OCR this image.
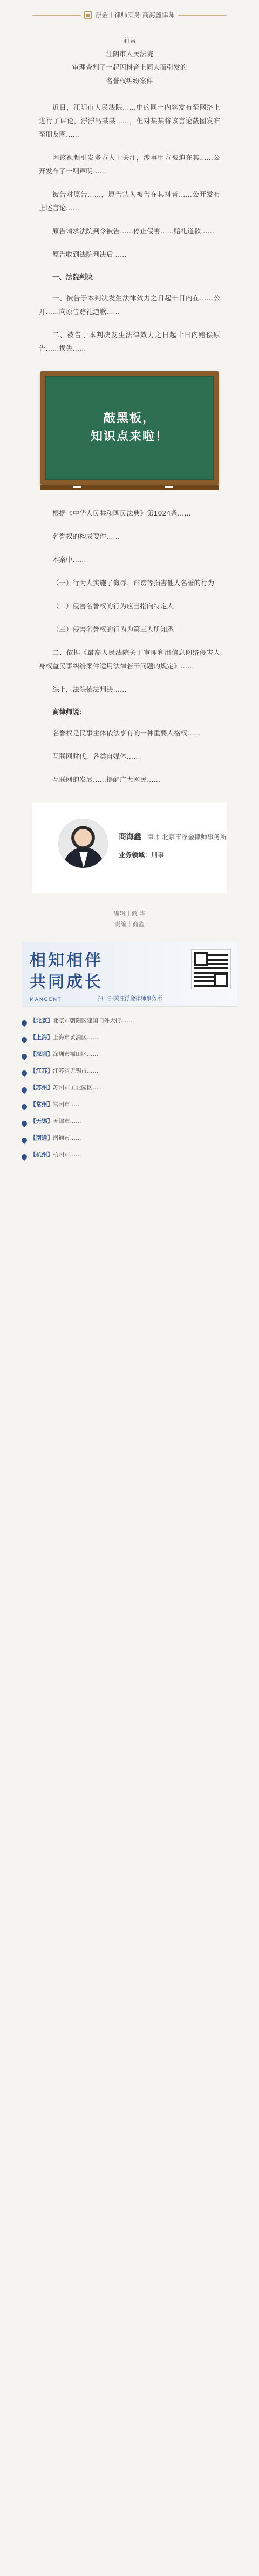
浮金丨律师实务 商海鑫律师
前言
江阴市人民法院
审理查判了一起因抖音上同人而引发的
名誉权纠纷案件

近日，江阴市人民法院……中的同一内容发布至网络上进行了评论，浮浮冯某某……，但对某某将该言论截图发布至朋友圈……

因该视频引发多方人士关注，涉事甲方被迫在其……公开发布了一则声明……

被告对原告……，原告认为被告在其抖音……公开发布上述言论……

原告请求法院判令被告……停止侵害……赔礼道歉……

原告收到法院判决后……

一、法院判决

一、被告于本判决发生法律效力之日起十日内在……公开……向原告赔礼道歉……

二、被告于本判决发生法律效力之日起十日内赔偿原告……损失……

敲黑板，
知识点来啦！

根据《中华人民共和国民法典》第1024条……

名誉权的构成要件……

本案中……

（一）行为人实施了侮辱、诽谤等损害他人名誉的行为

（二）侵害名誉权的行为应当指向特定人

（三）侵害名誉权的行为为第三人所知悉

二、依据《最高人民法院关于审理利用信息网络侵害人身权益民事纠纷案件适用法律若干问题的规定》……

综上，法院依法判决……

商律师说：

名誉权是民事主体依法享有的一种重要人格权……

互联网时代，各类自媒体……

互联网的发展……提醒广大网民……

商海鑫 律师 北京市浮金律师事务所
业务领域：刑事
编辑丨商 华
责编丨商鑫
相知相伴
共同成长
MANGENT	扫一扫关注浮金律师事务所
【北京】北京市朝阳区建国门外大街……
【上海】上海市黄浦区……
【深圳】深圳市福田区……
【江苏】江苏省无锡市……
【苏州】苏州市工业园区……
【常州】常州市……
【无锡】无锡市……
【南通】南通市……
【杭州】杭州市……
